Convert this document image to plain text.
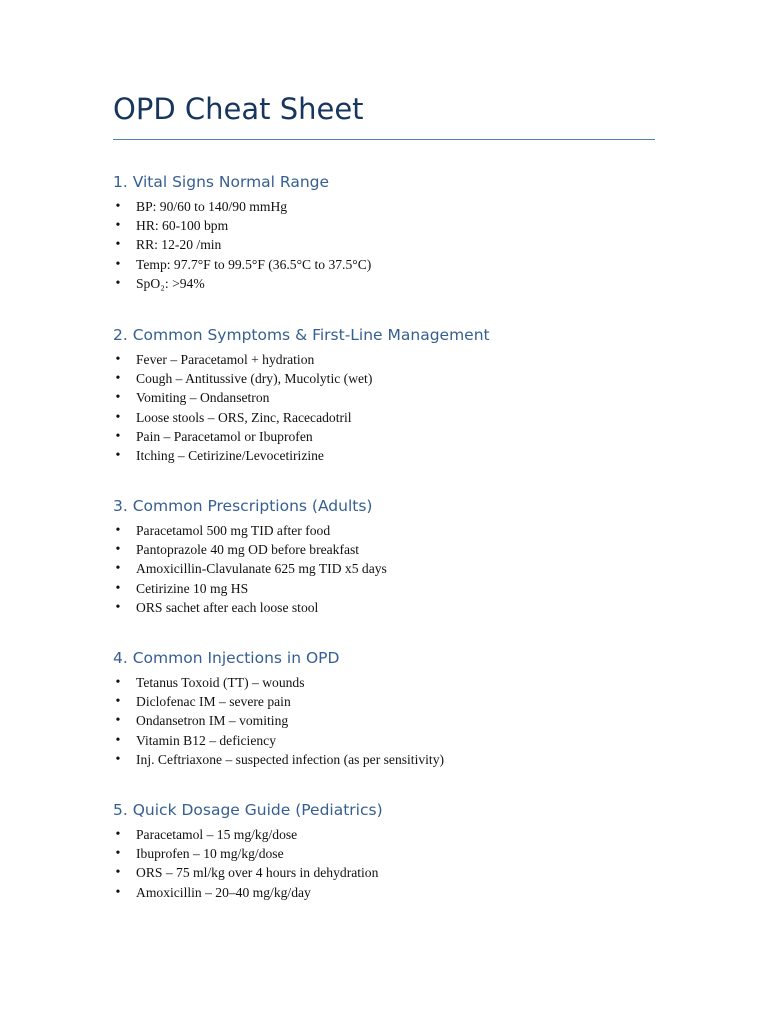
OPD Cheat Sheet
1. Vital Signs Normal Range
• BP: 90/60 to 140/90 mmHg
• HR: 60-100 bpm
• RR: 12-20 /min
• Temp: 97.7°F to 99.5°F (36.5°C to 37.5°C)
• SpO₂: >94%
2. Common Symptoms & First-Line Management
• Fever – Paracetamol + hydration
• Cough – Antitussive (dry), Mucolytic (wet)
• Vomiting – Ondansetron
• Loose stools – ORS, Zinc, Racecadotril
• Pain – Paracetamol or Ibuprofen
• Itching – Cetirizine/Levocetirizine
3. Common Prescriptions (Adults)
• Paracetamol 500 mg TID after food
• Pantoprazole 40 mg OD before breakfast
• Amoxicillin-Clavulanate 625 mg TID x5 days
• Cetirizine 10 mg HS
• ORS sachet after each loose stool
4. Common Injections in OPD
• Tetanus Toxoid (TT) – wounds
• Diclofenac IM – severe pain
• Ondansetron IM – vomiting
• Vitamin B12 – deficiency
• Inj. Ceftriaxone – suspected infection (as per sensitivity)
5. Quick Dosage Guide (Pediatrics)
• Paracetamol – 15 mg/kg/dose
• Ibuprofen – 10 mg/kg/dose
• ORS – 75 ml/kg over 4 hours in dehydration
• Amoxicillin – 20–40 mg/kg/day
